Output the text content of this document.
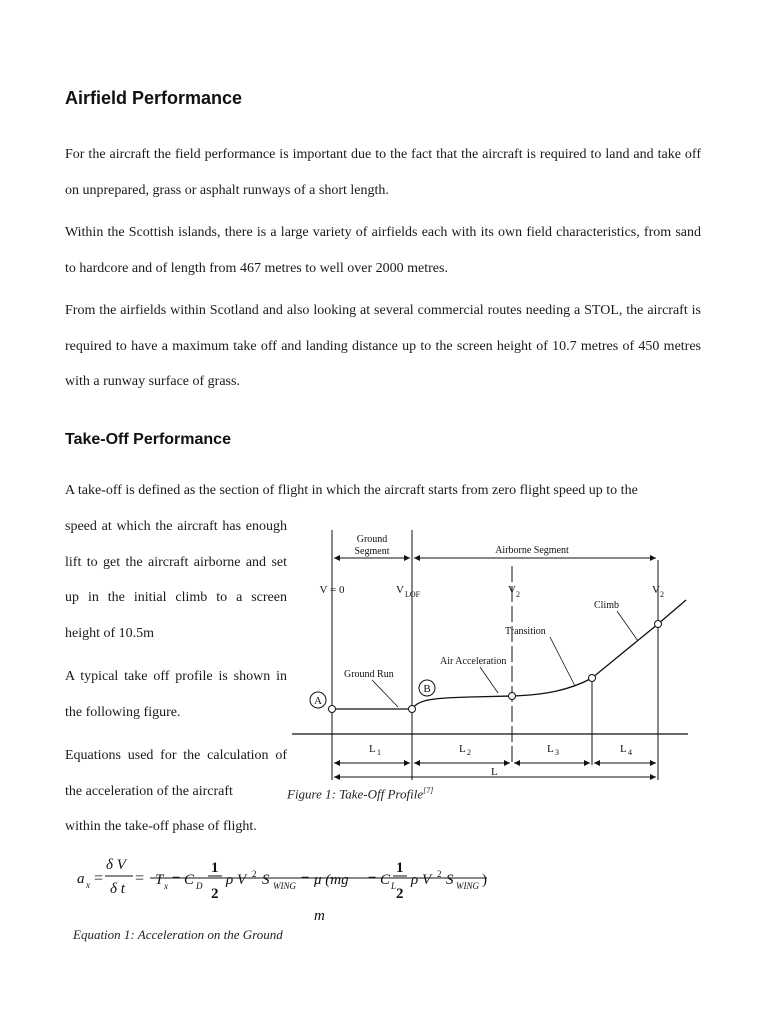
Airfield Performance

For the aircraft the field performance is important due to the fact that the aircraft is required to land and take off on unprepared, grass or asphalt runways of a short length.

Within the Scottish islands, there is a large variety of airfields each with its own field characteristics, from sand to hardcore and of length from 467 metres to well over 2000 metres.

From the airfields within Scotland and also looking at several commercial routes needing a STOL, the aircraft is required to have a maximum take off and landing distance up to the screen height of 10.7 metres of 450 metres with a runway surface of grass.

Take-Off Performance

A take-off is defined as the section of flight in which the aircraft starts from zero flight speed up to the

speed at which the aircraft has enough lift to get the aircraft airborne and set up in the initial climb to a screen height of 10.5m

A typical take off profile is shown in the following figure.

Equations used for the calculation of the acceleration of the aircraft

within the take-off phase of flight.

Ground
Segment	Airborne Segment
V = 0	V LOF	V 2	V 2
A
B
Ground Run
Air Acceleration
Transition
Climb
L 1	L 2	L 3	L 4
L
Figure 1: Take-Off Profile[7]
a x =
δ V
δ t
= T x − C D
1
2
ρ V 2 S WING − μ (mg − C L
1
2
ρ V 2 S WING )
m
Equation 1: Acceleration on the Ground
